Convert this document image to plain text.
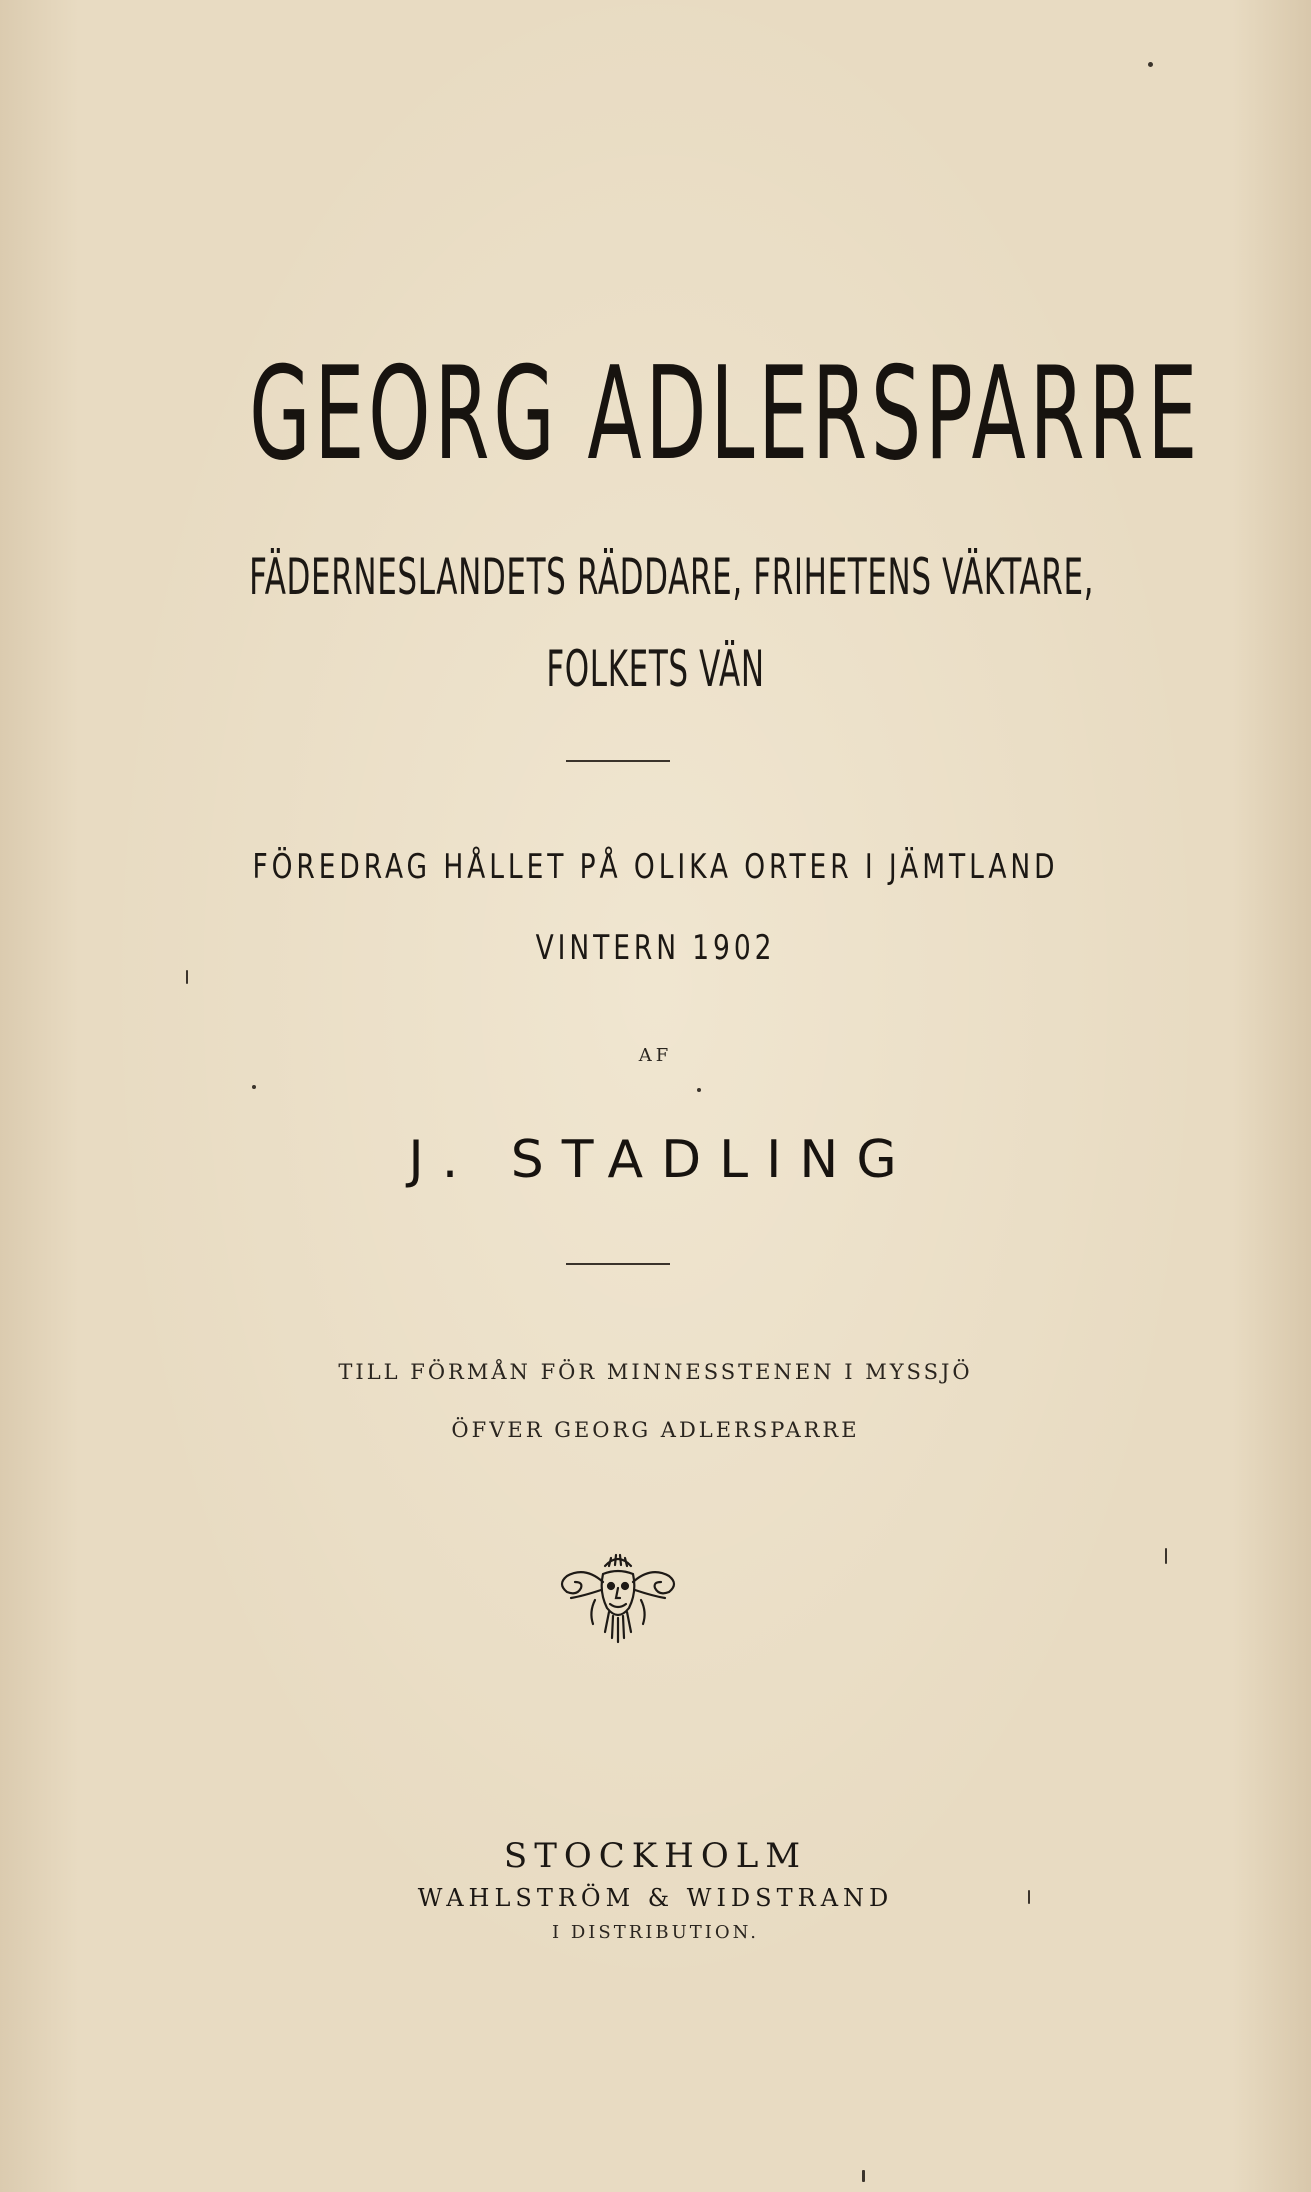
GEORG ADLERSPARRE
FÄDERNESLANDETS RÄDDARE, FRIHETENS VÄKTARE,
FOLKETS VÄN
FÖREDRAG HÅLLET PÅ OLIKA ORTER I JÄMTLAND
VINTERN 1902
AF
J. STADLING
TILL FÖRMÅN FÖR MINNESSTENEN I MYSSJÖ
ÖFVER GEORG ADLERSPARRE
STOCKHOLM
WAHLSTRÖM & WIDSTRAND
I DISTRIBUTION.
